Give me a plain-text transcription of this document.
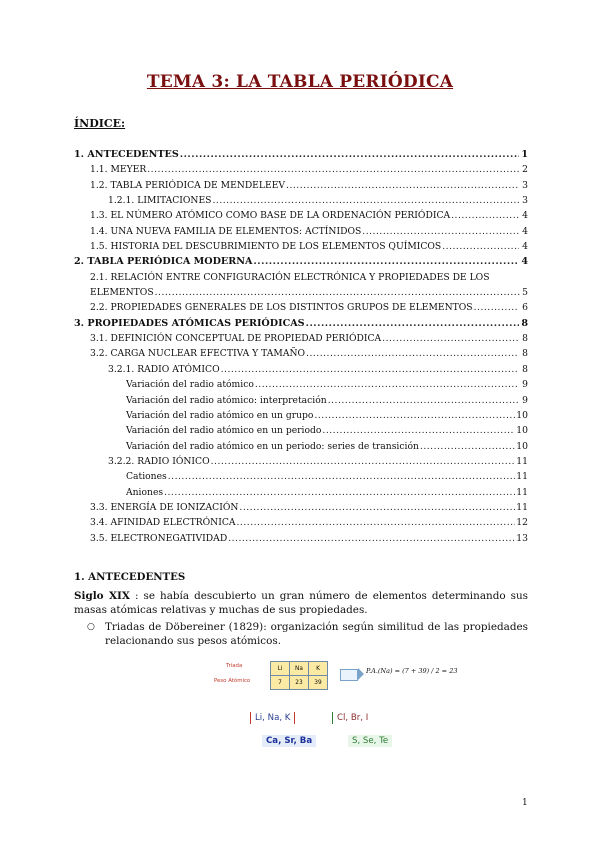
TEMA 3: LA TABLA PERIÓDICA
ÍNDICE:
1. ANTECEDENTES .....	1
1.1. MEYER .....	2
1.2. TABLA PERIÓDICA DE MENDELEEV .....	3
1.2.1. LIMITACIONES .....	3
1.3. EL NÚMERO ATÓMICO COMO BASE DE LA ORDENACIÓN PERIÓDICA .....	4
1.4. UNA NUEVA FAMILIA DE ELEMENTOS: ACTÍNIDOS .....	4
1.5. HISTORIA DEL DESCUBRIMIENTO DE LOS ELEMENTOS QUÍMICOS .....	4
2. TABLA PERIÓDICA MODERNA .....	4
2.1. RELACIÓN ENTRE CONFIGURACIÓN ELECTRÓNICA Y PROPIEDADES DE LOS
ELEMENTOS .....	5
2.2. PROPIEDADES GENERALES DE LOS DISTINTOS GRUPOS DE ELEMENTOS .....	6
3. PROPIEDADES ATÓMICAS PERIÓDICAS .....	8
3.1. DEFINICIÓN CONCEPTUAL DE PROPIEDAD PERIÓDICA .....	8
3.2. CARGA NUCLEAR EFECTIVA Y TAMAÑO .....	8
3.2.1. RADIO ATÓMICO .....	8
Variación del radio atómico .....	9
Variación del radio atómico: interpretación .....	9
Variación del radio atómico en un grupo .....	10
Variación del radio atómico en un periodo .....	10
Variación del radio atómico en un periodo: series de transición .....	10
3.2.2. RADIO IÓNICO .....	11
Cationes .....	11
Aniones .....	11
3.3. ENERGÍA DE IONIZACIÓN .....	11
3.4. AFINIDAD ELECTRÓNICA .....	12
3.5. ELECTRONEGATIVIDAD .....	13
1. ANTECEDENTES
Siglo XIX : se había descubierto un gran número de elementos determinando sus masas atómicas relativas y muchas de sus propiedades.
○ Triadas de Döbereiner (1829): organización según similitud de las propiedades relacionando sus pesos atómicos.
Tríada
Peso Atómico
Li	Na	K
7	23	39
P.A.(Na) = (7 + 39) / 2 = 23
Li, Na, K	Cl, Br, I
Ca, Sr, Ba	S, Se, Te
1
